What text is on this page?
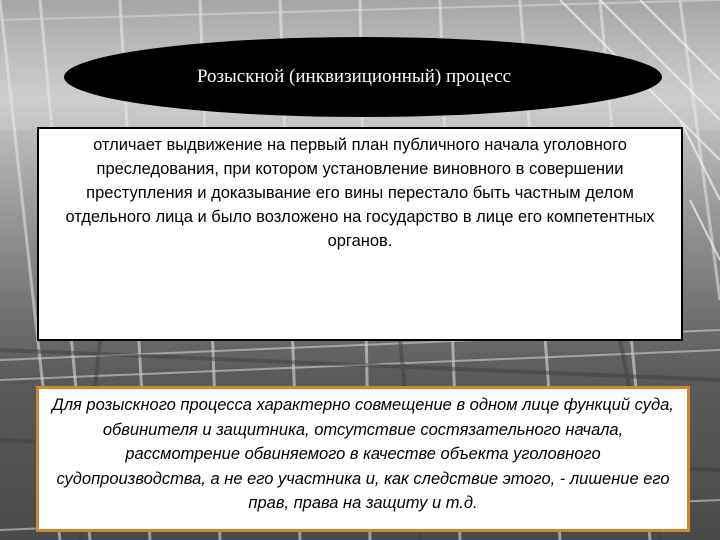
Розыскной (инквизиционный) процесс

отличает выдвижение на первый план публичного начала уголовного преследования, при котором установление виновного в совершении преступления и доказывание его вины перестало быть частным делом отдельного лица и было возложено на государство в лице его компетентных органов.

Для розыскного процесса характерно совмещение в одном лице функций суда, обвинителя и защитника, отсутствие состязательного начала, рассмотрение обвиняемого в качестве объекта уголовного судопроизводства, а не его участника и, как следствие этого, - лишение его прав, права на защиту и т.д.
